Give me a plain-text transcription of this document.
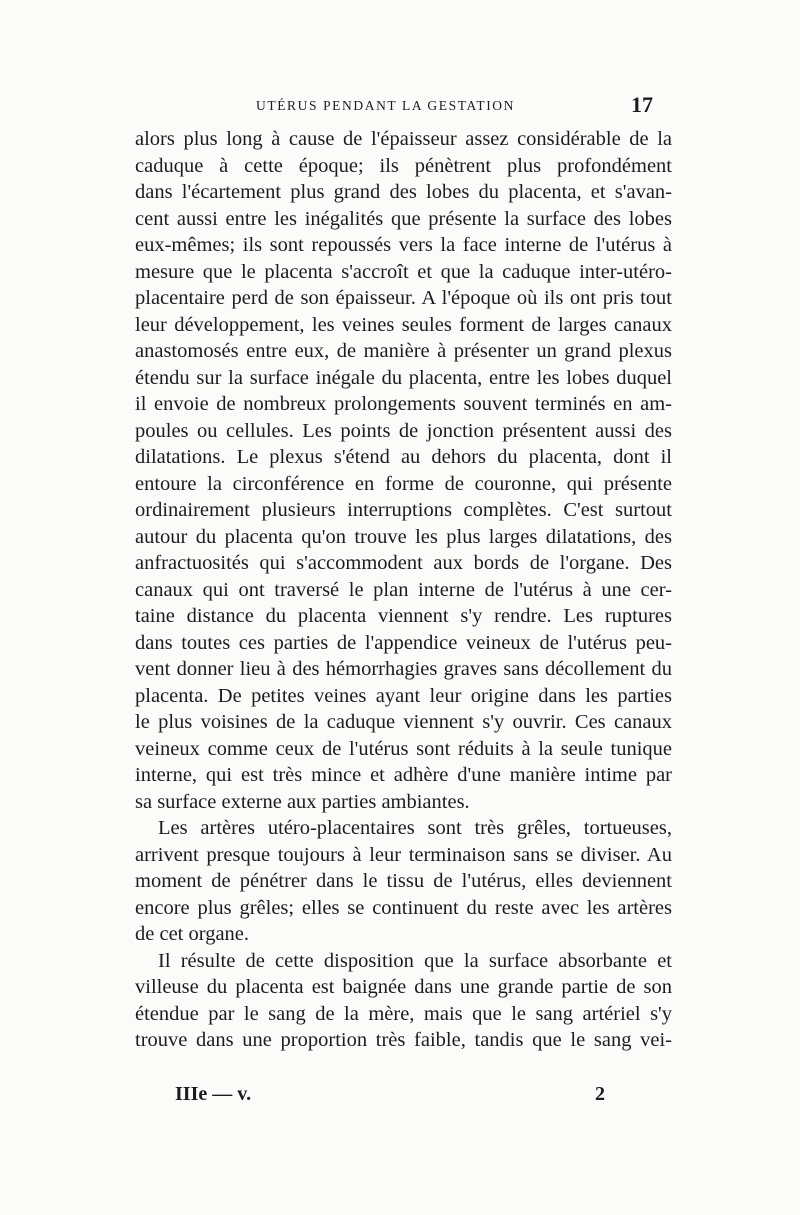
UTÉRUS PENDANT LA GESTATION	17
alors plus long à cause de l'épaisseur assez considérable de la
caduque à cette époque; ils pénètrent plus profondément
dans l'écartement plus grand des lobes du placenta, et s'avan-
cent aussi entre les inégalités que présente la surface des lobes
eux-mêmes; ils sont repoussés vers la face interne de l'utérus à
mesure que le placenta s'accroît et que la caduque inter-utéro-
placentaire perd de son épaisseur. A l'époque où ils ont pris tout
leur développement, les veines seules forment de larges canaux
anastomosés entre eux, de manière à présenter un grand plexus
étendu sur la surface inégale du placenta, entre les lobes duquel
il envoie de nombreux prolongements souvent terminés en am-
poules ou cellules. Les points de jonction présentent aussi des
dilatations. Le plexus s'étend au dehors du placenta, dont il
entoure la circonférence en forme de couronne, qui présente
ordinairement plusieurs interruptions complètes. C'est surtout
autour du placenta qu'on trouve les plus larges dilatations, des
anfractuosités qui s'accommodent aux bords de l'organe. Des
canaux qui ont traversé le plan interne de l'utérus à une cer-
taine distance du placenta viennent s'y rendre. Les ruptures
dans toutes ces parties de l'appendice veineux de l'utérus peu-
vent donner lieu à des hémorrhagies graves sans décollement du
placenta. De petites veines ayant leur origine dans les parties
le plus voisines de la caduque viennent s'y ouvrir. Ces canaux
veineux comme ceux de l'utérus sont réduits à la seule tunique
interne, qui est très mince et adhère d'une manière intime par
sa surface externe aux parties ambiantes.
Les artères utéro-placentaires sont très grêles, tortueuses,
arrivent presque toujours à leur terminaison sans se diviser. Au
moment de pénétrer dans le tissu de l'utérus, elles deviennent
encore plus grêles; elles se continuent du reste avec les artères
de cet organe.
Il résulte de cette disposition que la surface absorbante et
villeuse du placenta est baignée dans une grande partie de son
étendue par le sang de la mère, mais que le sang artériel s'y
trouve dans une proportion très faible, tandis que le sang vei-
IIIe — v.	2
